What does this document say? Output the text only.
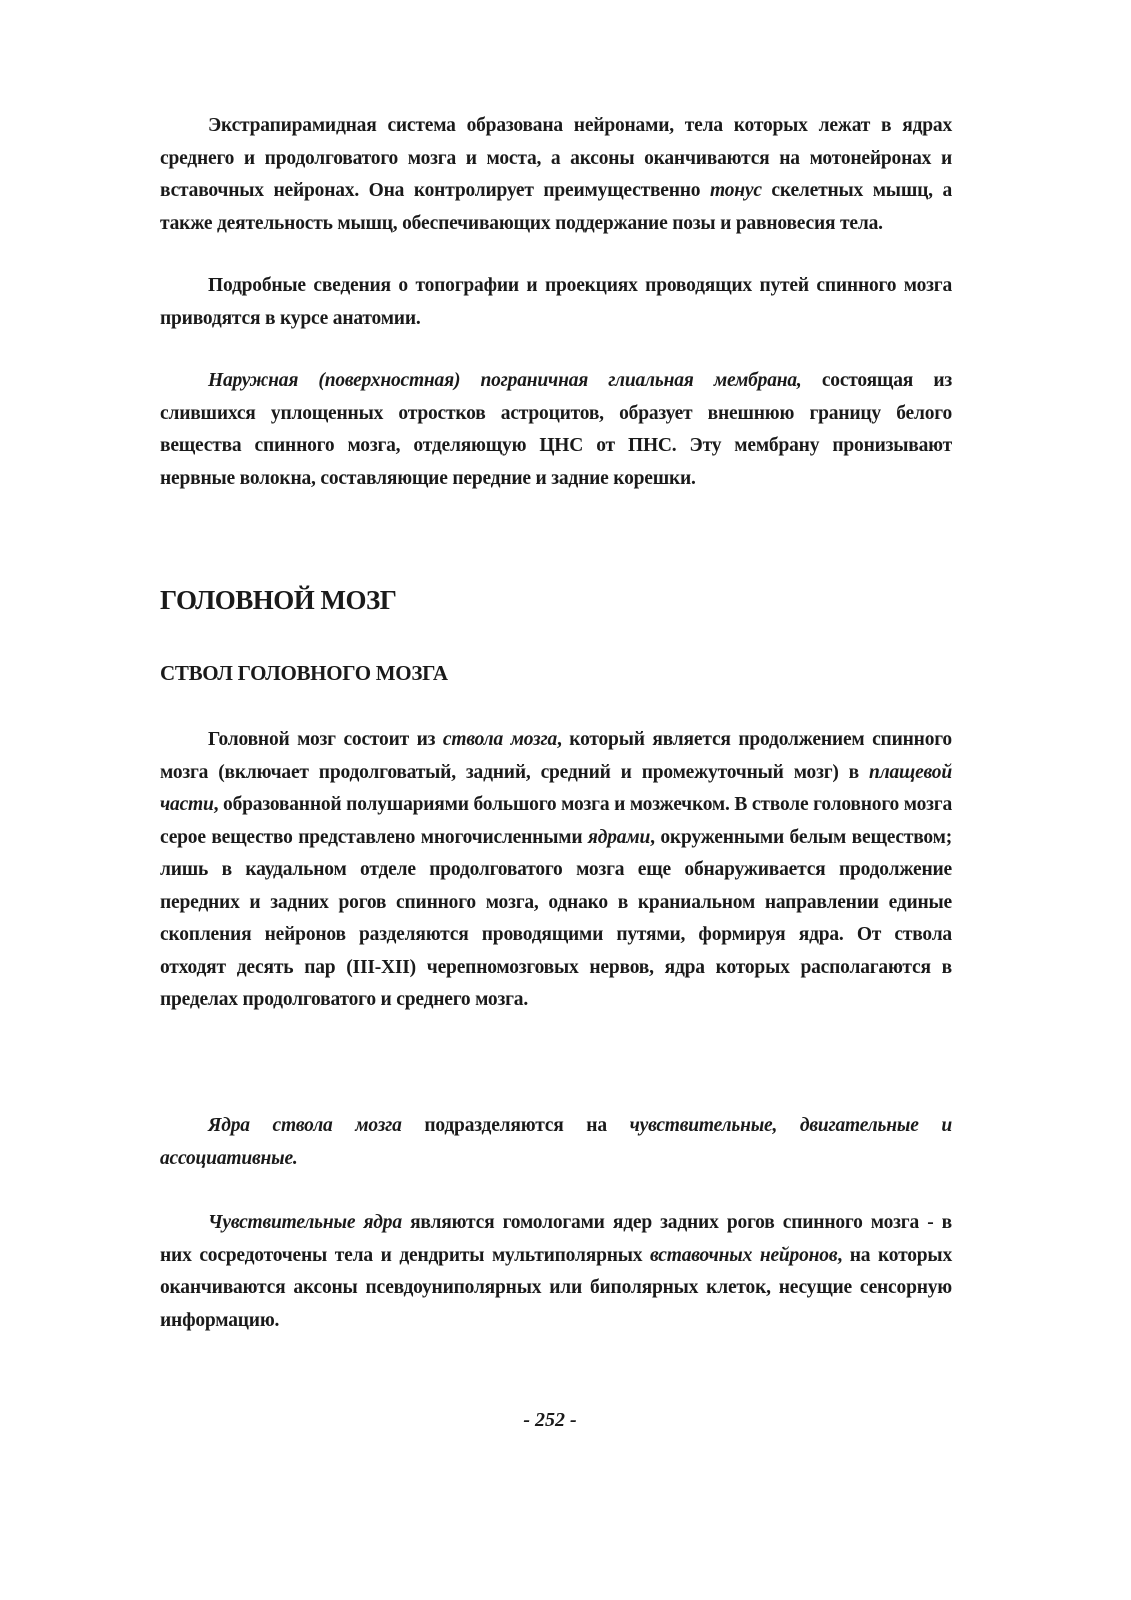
Экстрапирамидная система образована нейронами, тела которых лежат в ядрах среднего и продолговатого мозга и моста, а аксоны оканчиваются на мотонейронах и вставочных нейронах. Она контролирует преимущественно тонус скелетных мышц, а также деятельность мышц, обеспечивающих поддержание позы и равновесия тела.

Подробные сведения о топографии и проекциях проводящих путей спинного мозга приводятся в курсе анатомии.

Наружная (поверхностная) пограничная глиальная мембрана, состоящая из слившихся уплощенных отростков астроцитов, образует внешнюю границу белого вещества спинного мозга, отделяющую ЦНС от ПНС. Эту мембрану пронизывают нервные волокна, составляющие передние и задние корешки.

ГОЛОВНОЙ МОЗГ
СТВОЛ ГОЛОВНОГО МОЗГА

Головной мозг состоит из ствола мозга, который является продолжением спинного мозга (включает продолговатый, задний, средний и промежуточный мозг) в плащевой части, образованной полушариями большого мозга и мозжечком. В стволе головного мозга серое вещество представлено многочисленными ядрами, окруженными белым веществом; лишь в каудальном отделе продолговатого мозга еще обнаруживается продолжение передних и задних рогов спинного мозга, однако в краниальном направлении единые скопления нейронов разделяются проводящими путями, формируя ядра. От ствола отходят десять пар (III-XII) черепномозговых нервов, ядра которых располагаются в пределах продолговатого и среднего мозга.

Ядра ствола мозга подразделяются на чувствительные, двигательные и ассоциативные.

Чувствительные ядра являются гомологами ядер задних рогов спинного мозга - в них сосредоточены тела и дендриты мультиполярных вставочных нейронов, на которых оканчиваются аксоны псевдоуниполярных или биполярных клеток, несущие сенсорную информацию.

- 252 -
